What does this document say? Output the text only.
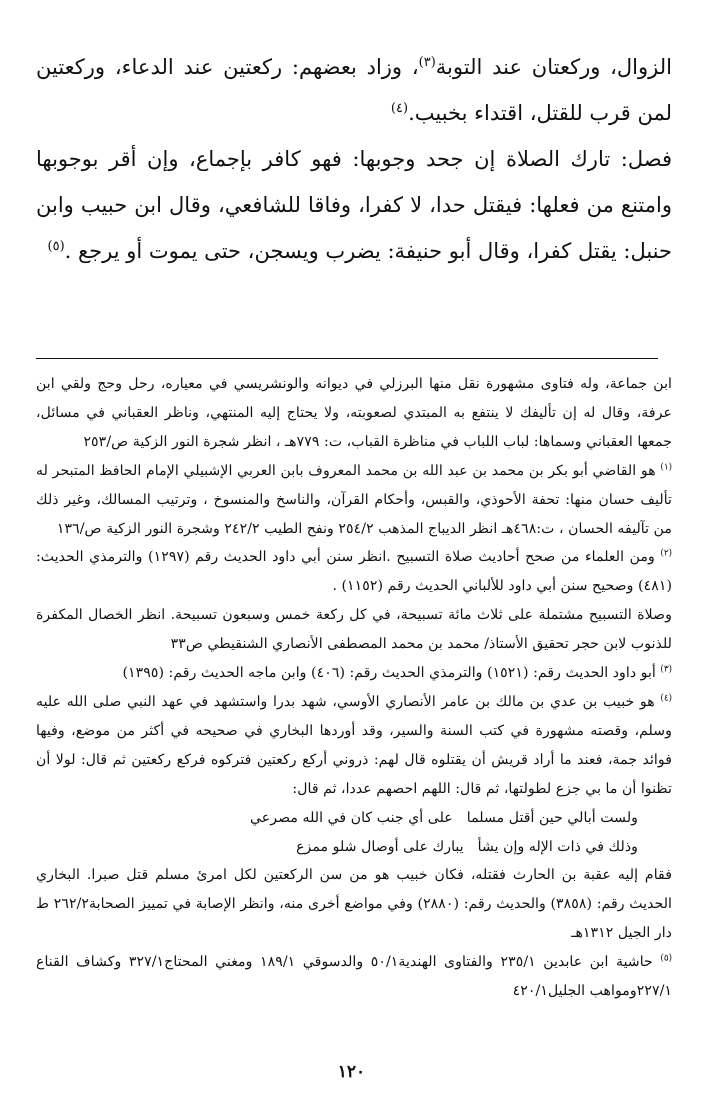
الزوال، وركعتان عند التوبة$^{(٣)}$، وزاد بعضهم: ركعتين عند الدعاء، وركعتين لمن قرب للقتل، اقتداء بخبيب.$^{(٤)}$

فصل: تارك الصلاة إن جحد وجوبها: فهو كافر بإجماع، وإن أقر بوجوبها وامتنع من فعلها: فيقتل حدا، لا كفرا، وفاقا للشافعي، وقال ابن حبيب وابن حنبل: يقتل كفرا، وقال أبو حنيفة: يضرب ويسجن، حتى يموت أو يرجع .$^{(٥)}$

ابن جماعة، وله فتاوى مشهورة نقل منها البرزلي في ديوانه والونشريسي في معياره، رحل وحج ولقي ابن عرفة، وقال له إن تأليفك لا ينتفع به المبتدي لصعوبته، ولا يحتاج إليه المنتهي، وناظر العقباني في مسائل، جمعها العقباني وسماها: لباب اللباب في مناظرة القباب، ت: ٧٧٩هـ ، انظر شجرة النور الزكية ص/٢٥٣

$^{(١)}$ هو القاضي أبو بكر بن محمد بن عبد الله بن محمد المعروف بابن العربي الإشبيلي الإمام الحافظ المتبحر له تأليف حسان منها: تحفة الأحوذي، والقبس، وأحكام القرآن، والناسخ والمنسوخ ، وترتيب المسالك، وغير ذلك من تآليفه الحسان ، ت:٤٦٨هـ انظر الديباج المذهب ٢٥٤/٢ ونفح الطيب ٢٤٢/٢ وشجرة النور الزكية ص/١٣٦

$^{(٢)}$ ومن العلماء من صحح أحاديث صلاة التسبيح .انظر سنن أبي داود الحديث رقم (١٢٩٧) والترمذي الحديث: (٤٨١) وصحيح سنن أبي داود للألباني الحديث رقم (١١٥٢) .

وصلاة التسبيح مشتملة على ثلاث مائة تسبيحة، في كل ركعة خمس وسبعون تسبيحة. انظر الخصال المكفرة للذنوب لابن حجر تحقيق الأستاذ/ محمد بن محمد المصطفى الأنصاري الشنقيطي ص٣٣

$^{(٣)}$ أبو داود الحديث رقم: (١٥٢١) والترمذي الحديث رقم: (٤٠٦) وابن ماجه الحديث رقم: (١٣٩٥)

$^{(٤)}$ هو خبيب بن عدي بن مالك بن عامر الأنصاري الأوسي، شهد بدرا واستشهد في عهد النبي صلى الله عليه وسلم، وقصته مشهورة في كتب السنة والسير، وقد أوردها البخاري في صحيحه في أكثر من موضع، وفيها فوائد جمة، فعند ما أراد قريش أن يقتلوه قال لهم: ذروني أركع ركعتين فتركوه فركع ركعتين ثم قال: لولا أن تظنوا أن ما بي جزع لطولتها، ثم قال: اللهم احصهم عددا، ثم قال:

ولست أبالي حين أقتل مسلماعلى أي جنب كان في الله مصرعي
وذلك في ذات الإله وإن يشأيبارك على أوصال شلو ممزع

فقام إليه عقبة بن الحارث فقتله، فكان خبيب هو من سن الركعتين لكل امرئ مسلم قتل صبرا. البخاري الحديث رقم: (٣٨٥٨) والحديث رقم: (٢٨٨٠) وفي مواضع أخرى منه، وانظر الإصابة في تمييز الصحابة٢٦٢/٢ ط دار الجيل ١٣١٢هـ

$^{(٥)}$ حاشية ابن عابدين ٢٣٥/١ والفتاوى الهندية٥٠/١ والدسوقي ١٨٩/١ ومغني المحتاج٣٢٧/١ وكشاف القناع ٢٢٧/١ومواهب الجليل٤٢٠/١

١٢٠
